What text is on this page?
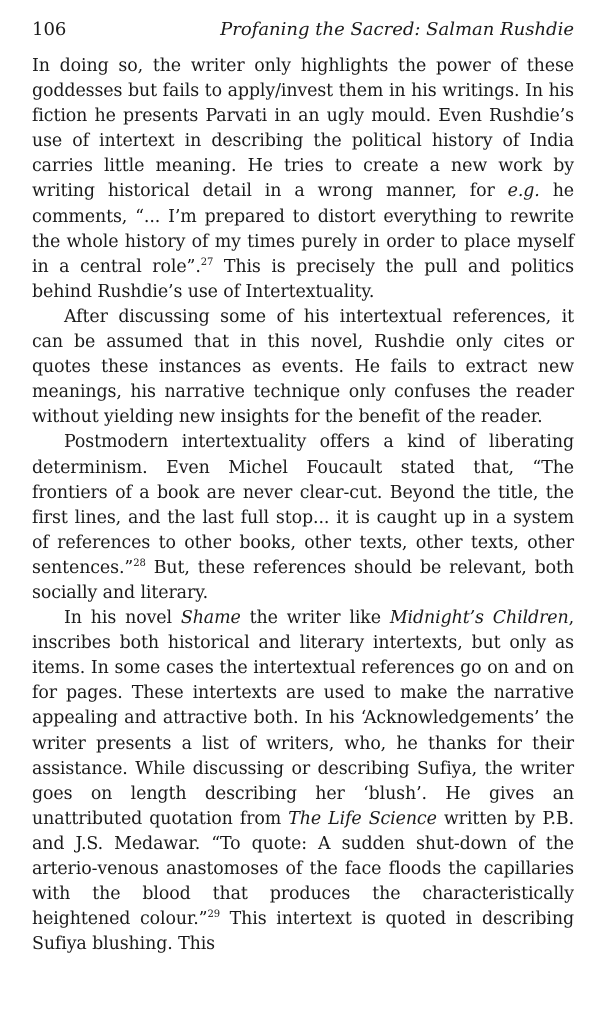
106	Profaning the Sacred: Salman Rushdie

In doing so, the writer only highlights the power of these goddesses but fails to apply/invest them in his writings. In his fiction he presents Parvati in an ugly mould. Even Rushdie’s use of intertext in describing the political history of India carries little meaning. He tries to create a new work by writing historical detail in a wrong manner, for e.g. he comments, “... I’m prepared to distort everything to rewrite the whole history of my times purely in order to place myself in a central role”.$^{27}$ This is precisely the pull and politics behind Rushdie’s use of Intertextuality.

After discussing some of his intertextual references, it can be assumed that in this novel, Rushdie only cites or quotes these instances as events. He fails to extract new meanings, his narrative technique only confuses the reader without yielding new insights for the benefit of the reader.

Postmodern intertextuality offers a kind of liberating determinism. Even Michel Foucault stated that, “The frontiers of a book are never clear-cut. Beyond the title, the first lines, and the last full stop... it is caught up in a system of references to other books, other texts, other texts, other sentences.”$^{28}$ But, these references should be relevant, both socially and literary.

In his novel Shame the writer like Midnight’s Children, inscribes both historical and literary intertexts, but only as items. In some cases the intertextual references go on and on for pages. These intertexts are used to make the narrative appealing and attractive both. In his ‘Acknowledgements’ the writer presents a list of writers, who, he thanks for their assistance. While discussing or describing Sufiya, the writer goes on length describing her ‘blush’. He gives an unattributed quotation from The Life Science written by P.B. and J.S. Medawar. “To quote: A sudden shut-down of the arterio-venous anastomoses of the face floods the capillaries with the blood that produces the characteristically heightened colour.”$^{29}$ This intertext is quoted in describing Sufiya blushing. This
